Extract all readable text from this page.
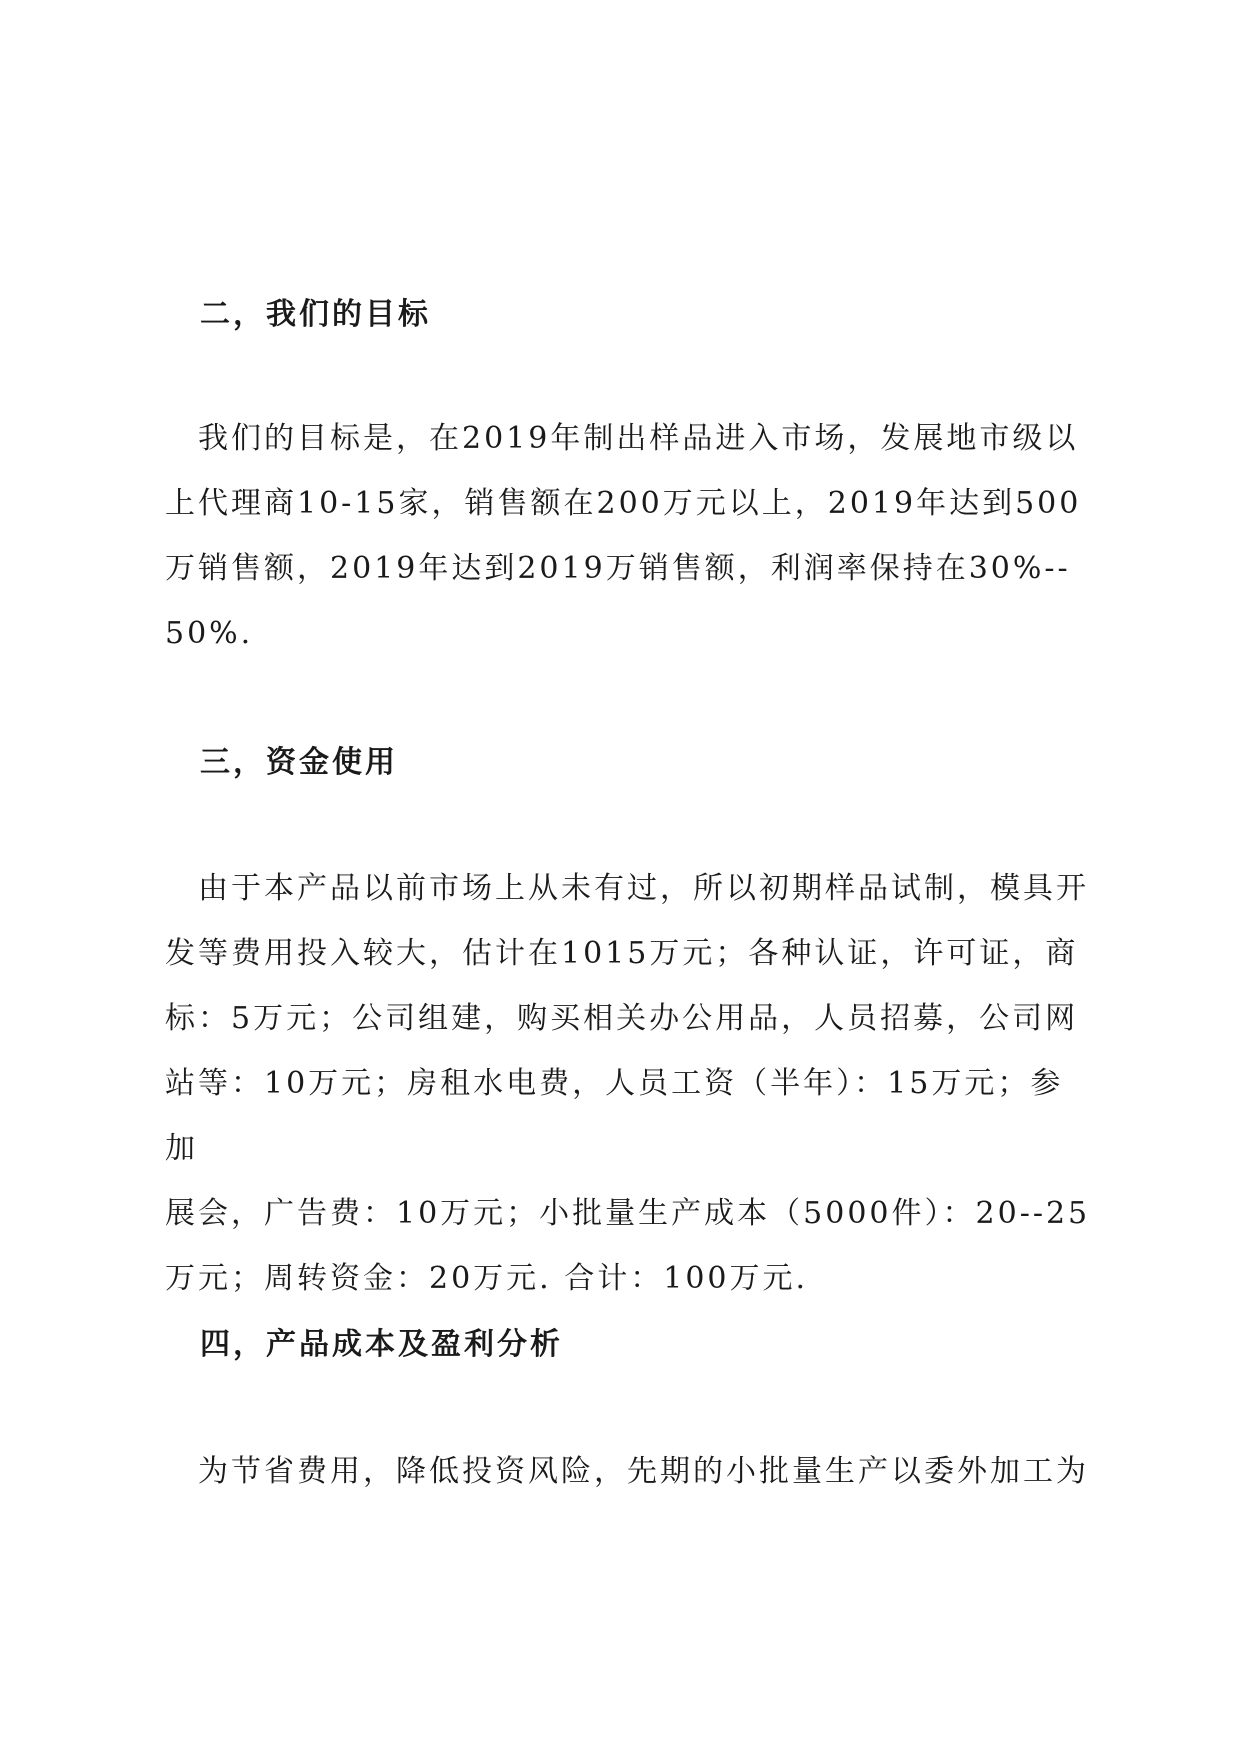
二，我们的目标

　我们的目标是，在2019年制出样品进入市场，发展地市级以
上代理商10-15家，销售额在200万元以上，2019年达到500
万销售额，2019年达到2019万销售额，利润率保持在30%--
50%.

三，资金使用

　由于本产品以前市场上从未有过，所以初期样品试制，模具开
发等费用投入较大，估计在1015万元；各种认证，许可证，商
标：5万元；公司组建，购买相关办公用品，人员招募，公司网
站等：10万元；房租水电费，人员工资（半年）：15万元；参加
展会，广告费：10万元；小批量生产成本（5000件）：20--25
万元；周转资金：20万元. 合计：100万元.

四，产品成本及盈利分析

　为节省费用，降低投资风险，先期的小批量生产以委外加工为
